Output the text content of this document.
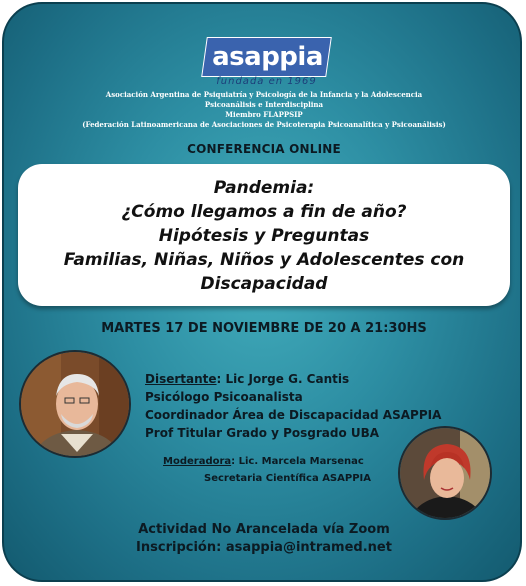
asappia
fundada en 1969
Asociación Argentina de Psiquiatría y Psicología de la Infancia y la Adolescencia
Psicoanálisis e Interdisciplina
Miembro FLAPPSIP
(Federación Latinoamericana de Asociaciones de Psicoterapia Psicoanalítica y Psicoanálisis)
CONFERENCIA ONLINE
Pandemia:
¿Cómo llegamos a fin de año?
Hipótesis y Preguntas
Familias, Niñas, Niños y Adolescentes con
Discapacidad
MARTES 17 DE NOVIEMBRE DE 20 A 21:30HS
Disertante: Lic Jorge G. Cantis
Psicólogo Psicoanalista
Coordinador Área de Discapacidad ASAPPIA
Prof Titular Grado y Posgrado UBA
Moderadora: Lic. Marcela Marsenac
Secretaria Científica ASAPPIA
Actividad No Arancelada vía Zoom
Inscripción: asappia@intramed.net
